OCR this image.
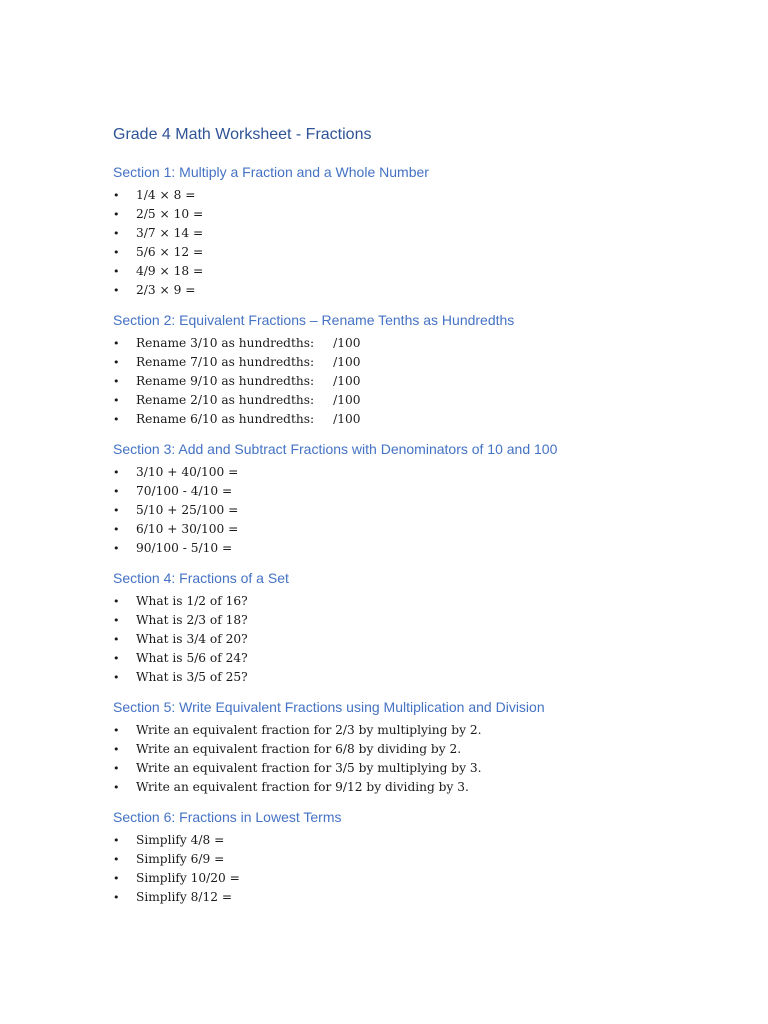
Grade 4 Math Worksheet - Fractions
Section 1: Multiply a Fraction and a Whole Number
• 1/4 × 8 =
• 2/5 × 10 =
• 3/7 × 14 =
• 5/6 × 12 =
• 4/9 × 18 =
• 2/3 × 9 =
Section 2: Equivalent Fractions – Rename Tenths as Hundredths
• Rename 3/10 as hundredths: /100
• Rename 7/10 as hundredths: /100
• Rename 9/10 as hundredths: /100
• Rename 2/10 as hundredths: /100
• Rename 6/10 as hundredths: /100
Section 3: Add and Subtract Fractions with Denominators of 10 and 100
• 3/10 + 40/100 =
• 70/100 - 4/10 =
• 5/10 + 25/100 =
• 6/10 + 30/100 =
• 90/100 - 5/10 =
Section 4: Fractions of a Set
• What is 1/2 of 16?
• What is 2/3 of 18?
• What is 3/4 of 20?
• What is 5/6 of 24?
• What is 3/5 of 25?
Section 5: Write Equivalent Fractions using Multiplication and Division
• Write an equivalent fraction for 2/3 by multiplying by 2.
• Write an equivalent fraction for 6/8 by dividing by 2.
• Write an equivalent fraction for 3/5 by multiplying by 3.
• Write an equivalent fraction for 9/12 by dividing by 3.
Section 6: Fractions in Lowest Terms
• Simplify 4/8 =
• Simplify 6/9 =
• Simplify 10/20 =
• Simplify 8/12 =
